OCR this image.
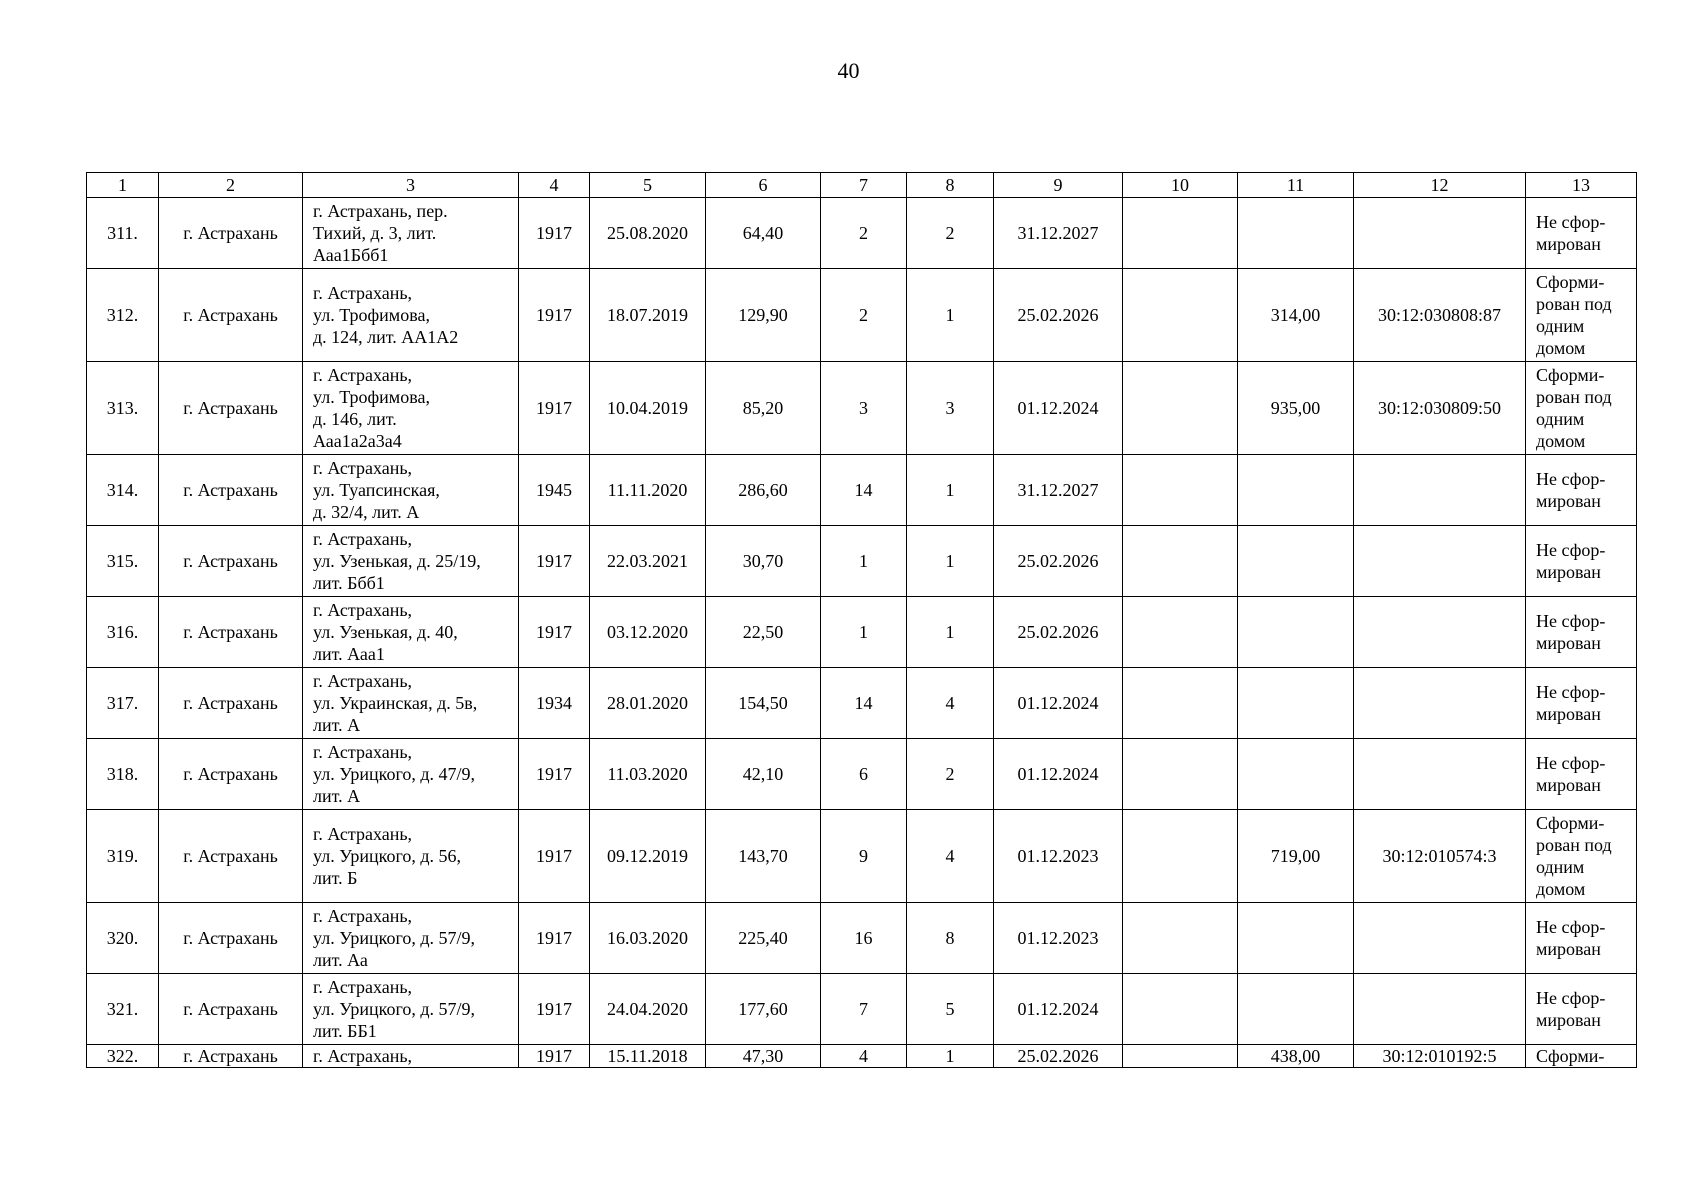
40
1	2	3	4	5	6	7	8	9	10	11	12	13
311.	г. Астрахань	г. Астрахань, пер.
Тихий, д. 3, лит.
Ааа1Ббб1	1917	25.08.2020	64,40	2	2	31.12.2027				Не сфор-
мирован
312.	г. Астрахань	г. Астрахань,
ул. Трофимова,
д. 124, лит. АА1А2	1917	18.07.2019	129,90	2	1	25.02.2026		314,00	30:12:030808:87	Сформи-
рован под
одним
домом
313.	г. Астрахань	г. Астрахань,
ул. Трофимова,
д. 146, лит.
Ааа1а2а3а4	1917	10.04.2019	85,20	3	3	01.12.2024		935,00	30:12:030809:50	Сформи-
рован под
одним
домом
314.	г. Астрахань	г. Астрахань,
ул. Туапсинская,
д. 32/4, лит. А	1945	11.11.2020	286,60	14	1	31.12.2027				Не сфор-
мирован
315.	г. Астрахань	г. Астрахань,
ул. Узенькая, д. 25/19,
лит. Ббб1	1917	22.03.2021	30,70	1	1	25.02.2026				Не сфор-
мирован
316.	г. Астрахань	г. Астрахань,
ул. Узенькая, д. 40,
лит. Ааа1	1917	03.12.2020	22,50	1	1	25.02.2026				Не сфор-
мирован
317.	г. Астрахань	г. Астрахань,
ул. Украинская, д. 5в,
лит. А	1934	28.01.2020	154,50	14	4	01.12.2024				Не сфор-
мирован
318.	г. Астрахань	г. Астрахань,
ул. Урицкого, д. 47/9,
лит. А	1917	11.03.2020	42,10	6	2	01.12.2024				Не сфор-
мирован
319.	г. Астрахань	г. Астрахань,
ул. Урицкого, д. 56,
лит. Б	1917	09.12.2019	143,70	9	4	01.12.2023		719,00	30:12:010574:3	Сформи-
рован под
одним
домом
320.	г. Астрахань	г. Астрахань,
ул. Урицкого, д. 57/9,
лит. Аа	1917	16.03.2020	225,40	16	8	01.12.2023				Не сфор-
мирован
321.	г. Астрахань	г. Астрахань,
ул. Урицкого, д. 57/9,
лит. ББ1	1917	24.04.2020	177,60	7	5	01.12.2024				Не сфор-
мирован
322.	г. Астрахань	г. Астрахань,	1917	15.11.2018	47,30	4	1	25.02.2026		438,00	30:12:010192:5	Сформи-
